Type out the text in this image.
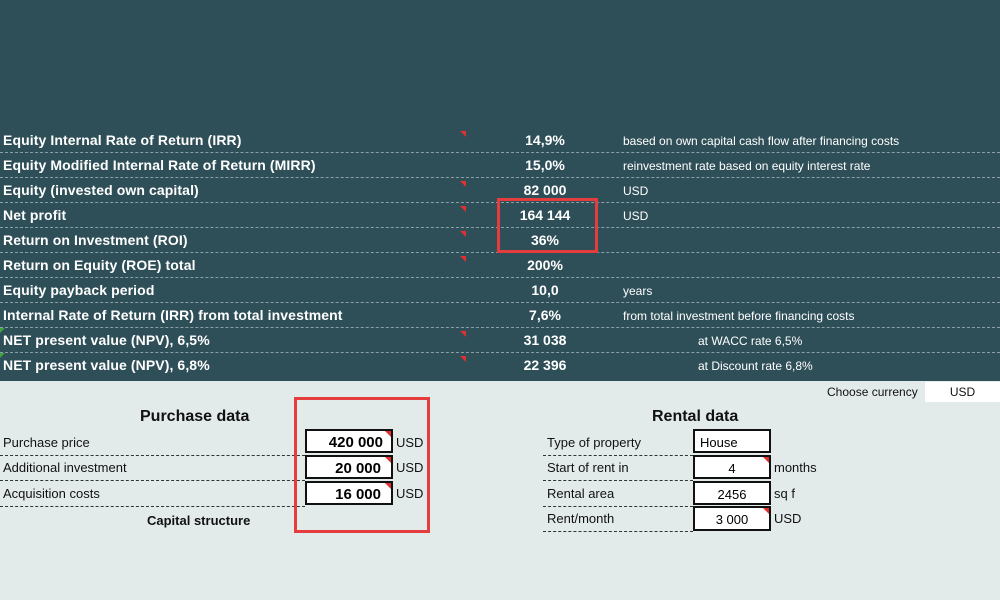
Equity Internal Rate of Return (IRR)	14,9%	based on own capital cash flow after financing costs
Equity Modified Internal Rate of Return (MIRR)	15,0%	reinvestment rate based on equity interest rate
Equity (invested own capital)	82 000	USD
Net profit	164 144	USD
Return on Investment (ROI)	36%
Return on Equity (ROE) total	200%
Equity payback period	10,0	years
Internal Rate of Return (IRR) from total investment	7,6%	from total investment before financing costs
NET present value (NPV), 6,5%	31 038	at WACC rate 6,5%
NET present value (NPV), 6,8%	22 396	at Discount rate 6,8%
Choose currency	USD
Purchase data
Purchase price	420 000 USD
Additional investment	20 000 USD
Acquisition costs	16 000 USD
Capital structure
Rental data
Type of property	House
Start of rent in	4	months
Rental area	2456	sq f
Rent/month	3 000	USD
